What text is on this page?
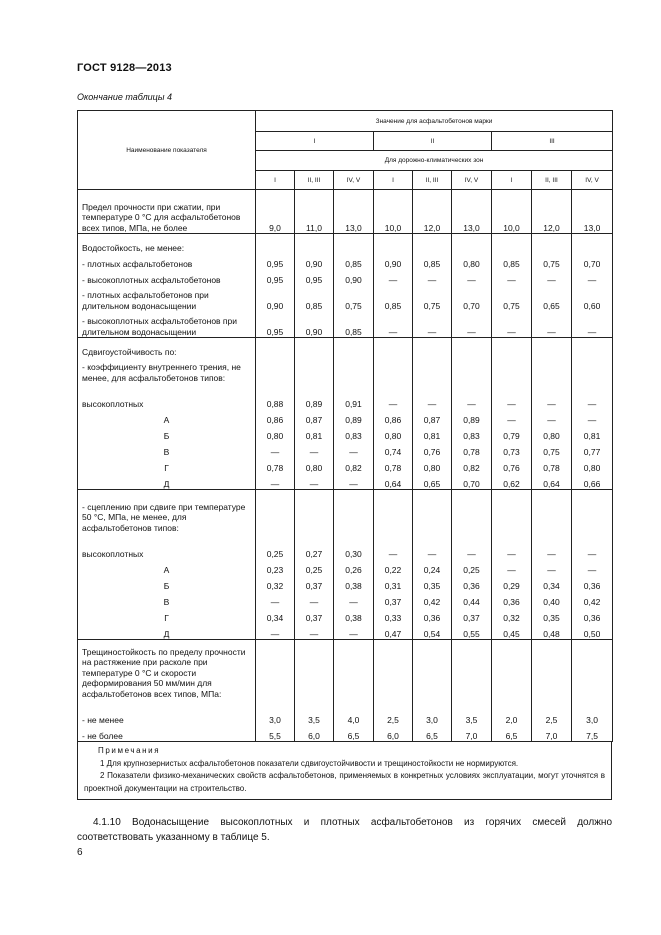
ГОСТ 9128—2013
Окончание таблицы 4
Наименование показателя	Значение для асфальтобетонов марки								
	I			II			III		
	Для дорожно-климатических зон								
	I	II, III	IV, V	I	II, III	IV, V	I	II, III	IV, V
Предел прочности при сжатии, при температуре 0 °С для асфальтобетонов всех типов, МПа, не более	9,0	11,0	13,0	10,0	12,0	13,0	10,0	12,0	13,0
Водостойкость, не менее:									
- плотных асфальтобетонов	0,95	0,90	0,85	0,90	0,85	0,80	0,85	0,75	0,70
- высокоплотных асфальтобетонов	0,95	0,95	0,90	—	—	—	—	—	—
- плотных асфальтобетонов при длительном водонасыщении	0,90	0,85	0,75	0,85	0,75	0,70	0,75	0,65	0,60
- высокоплотных асфальтобетонов при длительном водонасыщении	0,95	0,90	0,85	—	—	—	—	—	—
Сдвигоустойчивость по:									
- коэффициенту внутреннего трения, не менее, для асфальтобетонов типов:									
высокоплотных	0,88	0,89	0,91	—	—	—	—	—	—
А	0,86	0,87	0,89	0,86	0,87	0,89	—	—	—
Б	0,80	0,81	0,83	0,80	0,81	0,83	0,79	0,80	0,81
В	—	—	—	0,74	0,76	0,78	0,73	0,75	0,77
Г	0,78	0,80	0,82	0,78	0,80	0,82	0,76	0,78	0,80
Д	—	—	—	0,64	0,65	0,70	0,62	0,64	0,66
- сцеплению при сдвиге при температуре 50 °С, МПа, не менее, для асфальтобетонов типов:									
высокоплотных	0,25	0,27	0,30	—	—	—	—	—	—
А	0,23	0,25	0,26	0,22	0,24	0,25	—	—	—
Б	0,32	0,37	0,38	0,31	0,35	0,36	0,29	0,34	0,36
В	—	—	—	0,37	0,42	0,44	0,36	0,40	0,42
Г	0,34	0,37	0,38	0,33	0,36	0,37	0,32	0,35	0,36
Д	—	—	—	0,47	0,54	0,55	0,45	0,48	0,50
Трещиностойкость по пределу прочности на растяжение при расколе при температуре 0 °С и скорости деформирования 50 мм/мин для асфальтобетонов всех типов, МПа:									
- не менее	3,0	3,5	4,0	2,5	3,0	3,5	2,0	2,5	3,0
- не более	5,5	6,0	6,5	6,0	6,5	7,0	6,5	7,0	7,5
Примечания
1 Для крупнозернистых асфальтобетонов показатели сдвигоустойчивости и трещиностойкости не нормируются.
2 Показатели физико-механических свойств асфальтобетонов, применяемых в конкретных условиях эксплуатации, могут уточнятся в проектной документации на строительство.
4.1.10 Водонасыщение высокоплотных и плотных асфальтобетонов из горячих смесей должно соответствовать указанному в таблице 5.
6
